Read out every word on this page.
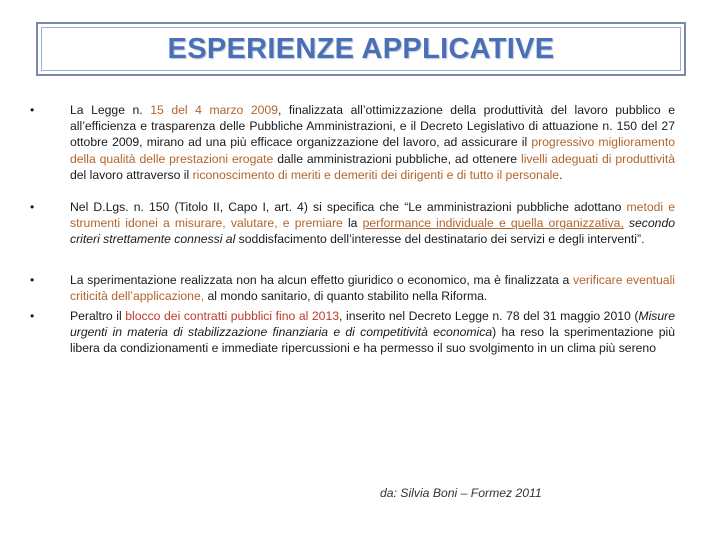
ESPERIENZE APPLICATIVE
•	La Legge n. 15 del 4 marzo 2009, finalizzata all’ottimizzazione della produttività del lavoro pubblico e all’efficienza e trasparenza delle Pubbliche Amministrazioni, e il Decreto Legislativo di attuazione n. 150 del 27 ottobre 2009, mirano ad una più efficace organizzazione del lavoro, ad assicurare il progressivo miglioramento della qualità delle prestazioni erogate dalle amministrazioni pubbliche, ad ottenere livelli adeguati di produttività del lavoro attraverso il riconoscimento di meriti e demeriti dei dirigenti e di tutto il personale.
•	Nel D.Lgs. n. 150 (Titolo II, Capo I, art. 4) si specifica che “Le amministrazioni pubbliche adottano metodi e strumenti idonei a misurare, valutare, e premiare la performance individuale e quella organizzativa, secondo criteri strettamente connessi al soddisfacimento dell’interesse del destinatario dei servizi e degli interventi”.
•	La sperimentazione realizzata non ha alcun effetto giuridico o economico, ma è finalizzata a verificare eventuali criticità dell’applicazione, al mondo sanitario, di quanto stabilito nella Riforma.
•	Peraltro il blocco dei contratti pubblici fino al 2013, inserito nel Decreto Legge n. 78 del 31 maggio 2010 (Misure urgenti in materia di stabilizzazione finanziaria e di competitività economica) ha reso la sperimentazione più libera da condizionamenti e immediate ripercussioni e ha permesso il suo svolgimento in un clima più sereno
da: Silvia Boni – Formez 2011
